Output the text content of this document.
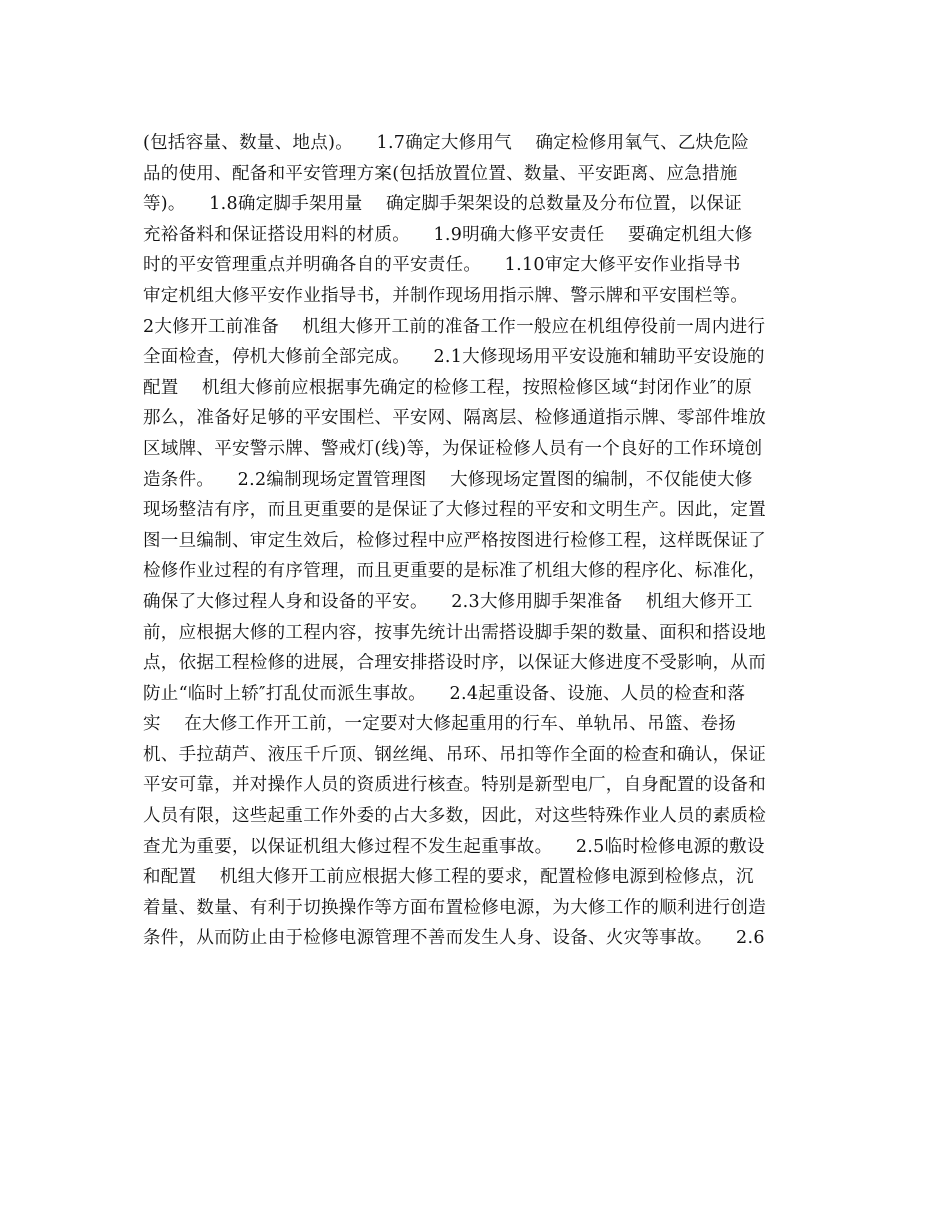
(包括容量、数量、地点)。    1.7确定大修用气    确定检修用氧气、乙炔危险
品的使用、配备和平安管理方案(包括放置位置、数量、平安距离、应急措施
等)。    1.8确定脚手架用量    确定脚手架架设的总数量及分布位置，以保证
充裕备料和保证搭设用料的材质。    1.9明确大修平安责任    要确定机组大修
时的平安管理重点并明确各自的平安责任。    1.10审定大修平安作业指导书
审定机组大修平安作业指导书，并制作现场用指示牌、警示牌和平安围栏等。
2大修开工前准备    机组大修开工前的准备工作一般应在机组停役前一周内进行
全面检查，停机大修前全部完成。    2.1大修现场用平安设施和辅助平安设施的
配置    机组大修前应根据事先确定的检修工程，按照检修区域“封闭作业″的原
那么，准备好足够的平安围栏、平安网、隔离层、检修通道指示牌、零部件堆放
区域牌、平安警示牌、警戒灯(线)等，为保证检修人员有一个良好的工作环境创
造条件。    2.2编制现场定置管理图    大修现场定置图的编制，不仅能使大修
现场整洁有序，而且更重要的是保证了大修过程的平安和文明生产。因此，定置
图一旦编制、审定生效后，检修过程中应严格按图进行检修工程，这样既保证了
检修作业过程的有序管理，而且更重要的是标准了机组大修的程序化、标准化，
确保了大修过程人身和设备的平安。    2.3大修用脚手架准备    机组大修开工
前，应根据大修的工程内容，按事先统计出需搭设脚手架的数量、面积和搭设地
点，依据工程检修的进展，合理安排搭设时序，以保证大修进度不受影响，从而
防止“临时上轿″打乱仗而派生事故。    2.4起重设备、设施、人员的检查和落
实    在大修工作开工前，一定要对大修起重用的行车、单轨吊、吊篮、卷扬
机、手拉葫芦、液压千斤顶、钢丝绳、吊环、吊扣等作全面的检查和确认，保证
平安可靠，并对操作人员的资质进行核查。特别是新型电厂，自身配置的设备和
人员有限，这些起重工作外委的占大多数，因此，对这些特殊作业人员的素质检
查尤为重要，以保证机组大修过程不发生起重事故。    2.5临时检修电源的敷设
和配置    机组大修开工前应根据大修工程的要求，配置检修电源到检修点，沉
着量、数量、有利于切换操作等方面布置检修电源，为大修工作的顺利进行创造
条件，从而防止由于检修电源管理不善而发生人身、设备、火灾等事故。    2.6
